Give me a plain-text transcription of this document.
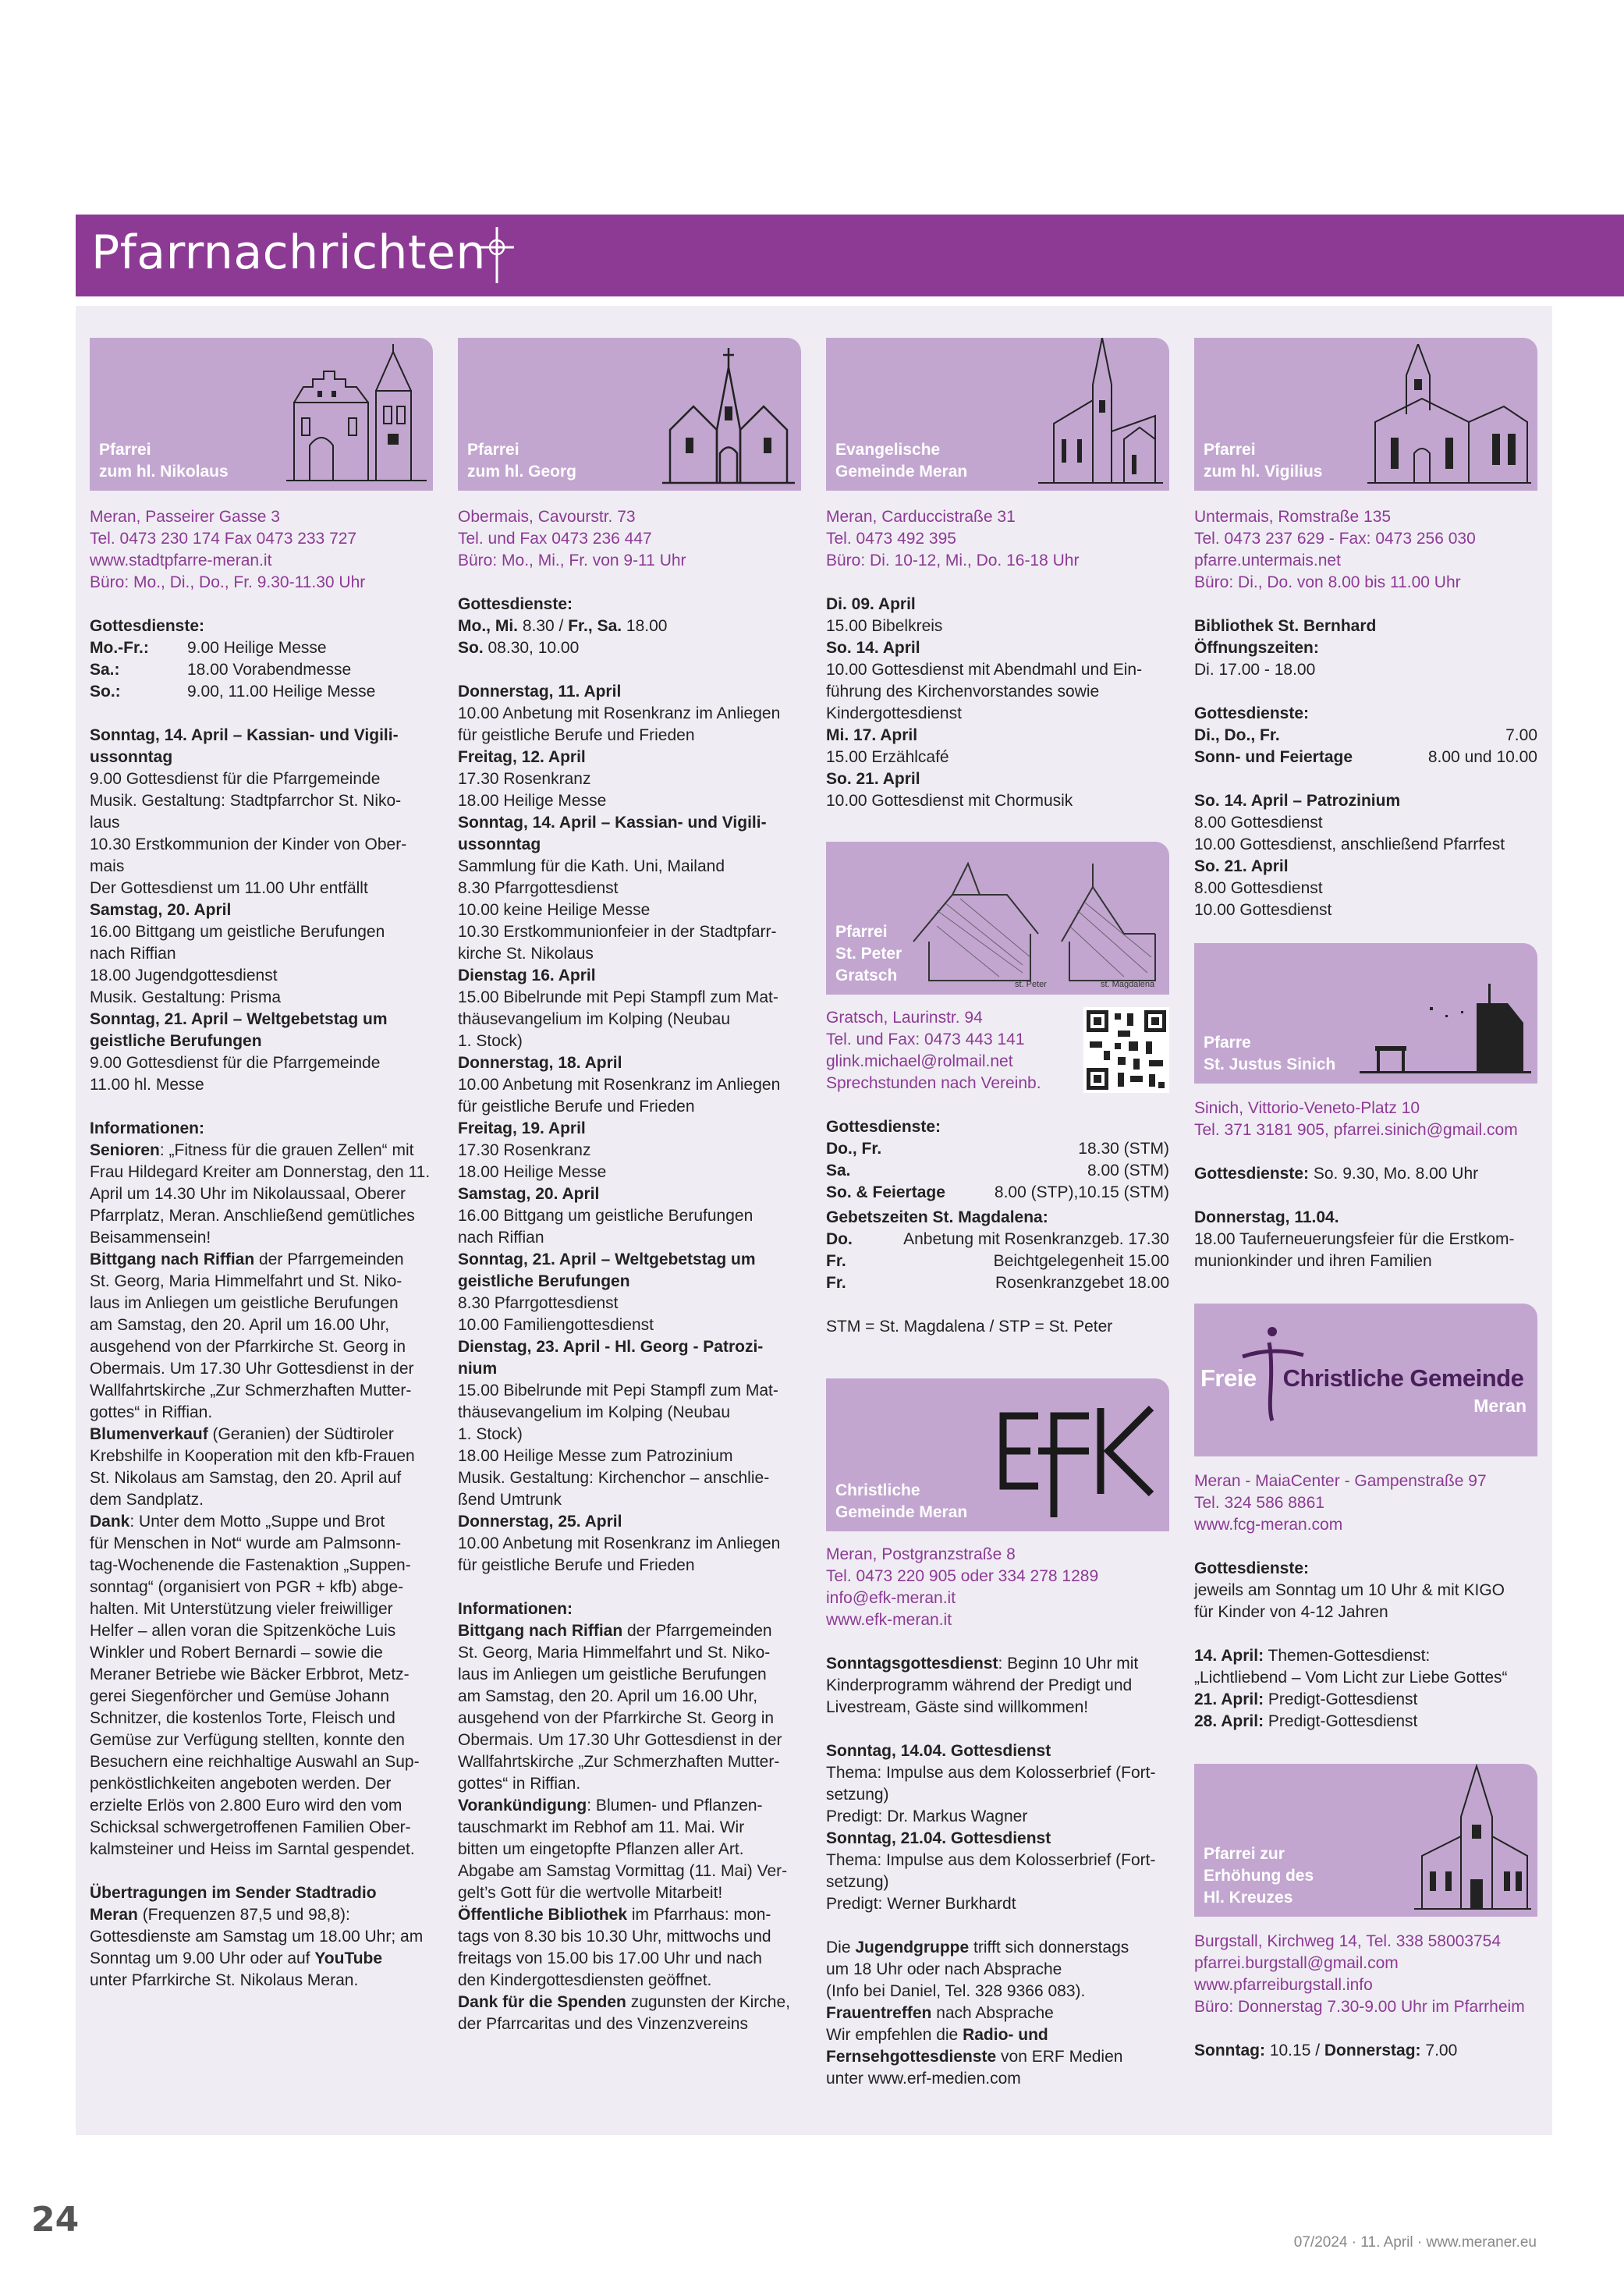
Pfarrnachrichten
Pfarrei
zum hl. Nikolaus
Meran, Passeirer Gasse 3
Tel. 0473 230 174 Fax 0473 233 727
www.stadtpfarre-meran.it
Büro: Mo., Di., Do., Fr. 9.30-11.30 Uhr

Gottesdienste:

Mo.-Fr.:	9.00 Heilige Messe
Sa.:	18.00 Vorabendmesse
So.:	9.00, 11.00 Heilige Messe

Sonntag, 14. April – Kassian- und Vigili-

ussonntag

9.00 Gottesdienst für die Pfarrgemeinde

Musik. Gestaltung: Stadtpfarrchor St. Niko-

laus

10.30 Erstkommunion der Kinder von Ober-

mais

Der Gottesdienst um 11.00 Uhr entfällt

Samstag, 20. April

16.00 Bittgang um geistliche Berufungen

nach Riffian

18.00 Jugendgottesdienst

Musik. Gestaltung: Prisma

Sonntag, 21. April – Weltgebetstag um

geistliche Berufungen

9.00 Gottesdienst für die Pfarrgemeinde

11.00 hl. Messe

Informationen:

Senioren: „Fitness für die grauen Zellen“ mit

Frau Hildegard Kreiter am Donnerstag, den 11.

April um 14.30 Uhr im Nikolaussaal, Oberer

Pfarrplatz, Meran. Anschließend gemütliches

Beisammensein!

Bittgang nach Riffian der Pfarrgemeinden

St. Georg, Maria Himmelfahrt und St. Niko-

laus im Anliegen um geistliche Berufungen

am Samstag, den 20. April um 16.00 Uhr,

ausgehend von der Pfarrkirche St. Georg in

Obermais. Um 17.30 Uhr Gottesdienst in der

Wallfahrtskirche „Zur Schmerzhaften Mutter-

gottes“ in Riffian.

Blumenverkauf (Geranien) der Südtiroler

Krebshilfe in Kooperation mit den kfb-Frauen

St. Nikolaus am Samstag, den 20. April auf

dem Sandplatz.

Dank: Unter dem Motto „Suppe und Brot

für Menschen in Not“ wurde am Palmsonn-

tag-Wochenende die Fastenaktion „Suppen-

sonntag“ (organisiert von PGR + kfb) abge-

halten. Mit Unterstützung vieler freiwilliger

Helfer – allen voran die Spitzenköche Luis

Winkler und Robert Bernardi – sowie die

Meraner Betriebe wie Bäcker Erbbrot, Metz-

gerei Siegenförcher und Gemüse Johann

Schnitzer, die kostenlos Torte, Fleisch und

Gemüse zur Verfügung stellten, konnte den

Besuchern eine reichhaltige Auswahl an Sup-

penköstlichkeiten angeboten werden. Der

erzielte Erlös von 2.800 Euro wird den vom

Schicksal schwergetroffenen Familien Ober-

kalmsteiner und Heiss im Sarntal gespendet.

Übertragungen im Sender Stadtradio

Meran (Frequenzen 87,5 und 98,8):

Gottesdienste am Samstag um 18.00 Uhr; am

Sonntag um 9.00 Uhr oder auf YouTube

unter Pfarrkirche St. Nikolaus Meran.

Pfarrei
zum hl. Georg
Obermais, Cavourstr. 73
Tel. und Fax 0473 236 447
Büro: Mo., Mi., Fr. von 9-11 Uhr

Gottesdienste:

Mo., Mi. 8.30 / Fr., Sa. 18.00

So. 08.30, 10.00

Donnerstag, 11. April

10.00 Anbetung mit Rosenkranz im Anliegen

für geistliche Berufe und Frieden

Freitag, 12. April

17.30 Rosenkranz

18.00 Heilige Messe

Sonntag, 14. April – Kassian- und Vigili-

ussonntag

Sammlung für die Kath. Uni, Mailand

8.30 Pfarrgottesdienst

10.00 keine Heilige Messe

10.30 Erstkommunionfeier in der Stadtpfarr-

kirche St. Nikolaus

Dienstag 16. April

15.00 Bibelrunde mit Pepi Stampfl zum Mat-

thäusevangelium im Kolping (Neubau

1. Stock)

Donnerstag, 18. April

10.00 Anbetung mit Rosenkranz im Anliegen

für geistliche Berufe und Frieden

Freitag, 19. April

17.30 Rosenkranz

18.00 Heilige Messe

Samstag, 20. April

16.00 Bittgang um geistliche Berufungen

nach Riffian

Sonntag, 21. April – Weltgebetstag um

geistliche Berufungen

8.30 Pfarrgottesdienst

10.00 Familiengottesdienst

Dienstag, 23. April - Hl. Georg - Patrozi-

nium

15.00 Bibelrunde mit Pepi Stampfl zum Mat-

thäusevangelium im Kolping (Neubau

1. Stock)

18.00 Heilige Messe zum Patrozinium

Musik. Gestaltung: Kirchenchor – anschlie-

ßend Umtrunk

Donnerstag, 25. April

10.00 Anbetung mit Rosenkranz im Anliegen

für geistliche Berufe und Frieden

Informationen:

Bittgang nach Riffian der Pfarrgemeinden

St. Georg, Maria Himmelfahrt und St. Niko-

laus im Anliegen um geistliche Berufungen

am Samstag, den 20. April um 16.00 Uhr,

ausgehend von der Pfarrkirche St. Georg in

Obermais. Um 17.30 Uhr Gottesdienst in der

Wallfahrtskirche „Zur Schmerzhaften Mutter-

gottes“ in Riffian.

Vorankündigung: Blumen- und Pflanzen-

tauschmarkt im Rebhof am 11. Mai. Wir

bitten um eingetopfte Pflanzen aller Art.

Abgabe am Samstag Vormittag (11. Mai) Ver-

gelt’s Gott für die wertvolle Mitarbeit!

Öffentliche Bibliothek im Pfarrhaus: mon-

tags von 8.30 bis 10.30 Uhr, mittwochs und

freitags von 15.00 bis 17.00 Uhr und nach

den Kindergottesdiensten geöffnet.

Dank für die Spenden zugunsten der Kirche,

der Pfarrcaritas und des Vinzenzvereins

Evangelische
Gemeinde Meran
Meran, Carduccistraße 31
Tel. 0473 492 395
Büro: Di. 10-12, Mi., Do. 16-18 Uhr

Di. 09. April

15.00 Bibelkreis

So. 14. April

10.00 Gottesdienst mit Abendmahl und Ein-

führung des Kirchenvorstandes sowie

Kindergottesdienst

Mi. 17. April

15.00 Erzählcafé

So. 21. April

10.00 Gottesdienst mit Chormusik

st. Peter	st. Magdalena
Pfarrei
St. Peter
Gratsch
Gratsch, Laurinstr. 94
Tel. und Fax: 0473 443 141
glink.michael@rolmail.net
Sprechstunden nach Vereinb.

Gottesdienste:

Do., Fr.	18.30 (STM)
Sa.	8.00 (STM)
So. & Feiertage	8.00 (STP),10.15 (STM)

Gebetszeiten St. Magdalena:

Do.	Anbetung mit Rosenkranzgeb. 17.30
Fr.	Beichtgelegenheit 15.00
Fr.	Rosenkranzgebet 18.00
STM = St. Magdalena / STP = St. Peter
EFK
Christliche
Gemeinde Meran
Meran, Postgranzstraße 8
Tel. 0473 220 905 oder 334 278 1289
info@efk-meran.it
www.efk-meran.it

Sonntagsgottesdienst: Beginn 10 Uhr mit

Kinderprogramm während der Predigt und

Livestream, Gäste sind willkommen!

Sonntag, 14.04. Gottesdienst

Thema: Impulse aus dem Kolosserbrief (Fort-

setzung)

Predigt: Dr. Markus Wagner

Sonntag, 21.04. Gottesdienst

Thema: Impulse aus dem Kolosserbrief (Fort-

setzung)

Predigt: Werner Burkhardt

Die Jugendgruppe trifft sich donnerstags

um 18 Uhr oder nach Absprache

(Info bei Daniel, Tel. 328 9366 083).

Frauentreffen nach Absprache

Wir empfehlen die Radio- und

Fernsehgottesdienste von ERF Medien

unter www.erf-medien.com

Pfarrei
zum hl. Vigilius
Untermais, Romstraße 135
Tel. 0473 237 629 - Fax: 0473 256 030
pfarre.untermais.net
Büro: Di., Do. von 8.00 bis 11.00 Uhr

Bibliothek St. Bernhard

Öffnungszeiten:

Di. 17.00 - 18.00

Gottesdienste:

Di., Do., Fr.	7.00
Sonn- und Feiertage	8.00 und 10.00

So. 14. April – Patrozinium

8.00 Gottesdienst

10.00 Gottesdienst, anschließend Pfarrfest

So. 21. April

8.00 Gottesdienst

10.00 Gottesdienst

Pfarre
St. Justus Sinich
Sinich, Vittorio-Veneto-Platz 10
Tel. 371 3181 905, pfarrei.sinich@gmail.com

Gottesdienste: So. 9.30, Mo. 8.00 Uhr

Donnerstag, 11.04.

18.00 Tauferneuerungsfeier für die Erstkom-

munionkinder und ihren Familien

Freie Christliche Gemeinde
Meran
Meran - MaiaCenter - Gampenstraße 97
Tel. 324 586 8861
www.fcg-meran.com

Gottesdienste:

jeweils am Sonntag um 10 Uhr & mit KIGO

für Kinder von 4-12 Jahren

14. April: Themen-Gottesdienst:

„Lichtliebend – Vom Licht zur Liebe Gottes“

21. April: Predigt-Gottesdienst

28. April: Predigt-Gottesdienst

Pfarrei zur
Erhöhung des
Hl. Kreuzes
Burgstall, Kirchweg 14, Tel. 338 58003754
pfarrei.burgstall@gmail.com
www.pfarreiburgstall.info
Büro: Donnerstag 7.30-9.00 Uhr im Pfarrheim

Sonntag: 10.15 / Donnerstag: 7.00

24
07/2024 · 11. April · www.meraner.eu
